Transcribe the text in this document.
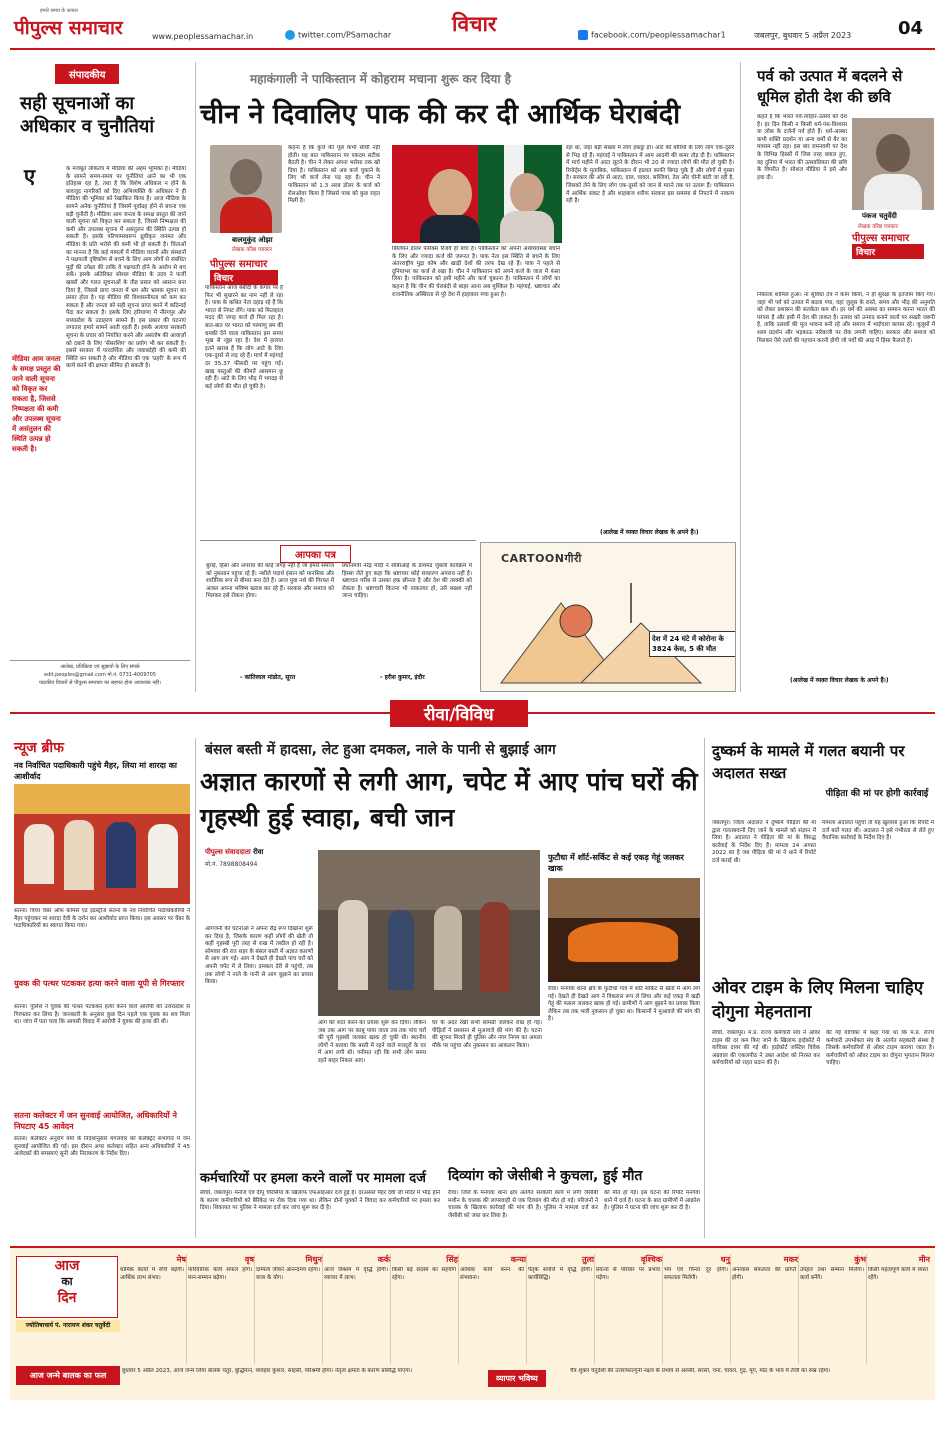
हमारे समय के सवाल
पीपुल्स समाचार	www.peoplessamachar.in	twitter.com/PSamachar	विचार	facebook.com/peoplessamachar1	जबलपुर, बुधवार 5 अप्रैल 2023	04
संपादकीय
सही सूचनाओं का अधिकार व चुनौतियां
ए	क मजबूत लोकतंत्र में मीडिया की अहम भूमिका है। मीडिया के सामने समय-समय पर चुनौतियां आने का भी एक इतिहास रहा है, तथा है कि विशेष अधिकार न होने के बावजूद नागरिकों को दिए अभिव्यक्ति के अधिकार ने ही मीडिया की भूमिका को रेखांकित किया है। आज मीडिया के सामने अनेक चुनौतियां हैं जिसमें पूर्वाग्रह होने से बचना एक बड़ी चुनौती है। मीडिया आम जनता के समक्ष प्रस्तुत की जाने वाली सूचना को विकृत कर सकता है, जिससे निष्पक्षता की कमी और उपलब्ध सूचना में असंतुलन की स्थिति उत्पन्न हो सकती है। इसके परिणामस्वरूप ध्रुवीकृत जनमत और मीडिया के प्रति भरोसे की कमी भी हो सकती है। चिंताओं का मानना है कि कई मामलों में मीडिया घरानों और संस्थानों ने पक्षपाती दृष्टिकोण से बचने के लिए आम लोगों से संबंधित मुद्दों की उपेक्षा की ताकि वे पक्षपाती होने के आरोप से बच सकें। इसके अतिरिक्त सोशल मीडिया के उदय ने फर्जी खबरों और गलत सूचनाओं के तीव्र प्रसार को आसान बना दिया है, जिससे प्रायः जनता में भ्रम और भ्रामक सूचना का प्रसार होता है। यह मीडिया की विश्वसनीयता को कम कर सकता है और जनता को सही सूचना प्राप्त करने में कठिनाई पैदा कर सकता है। इसके लिए हरियाणा में नौरंगपुर और मध्यप्रदेश के उदाहरण सामने हैं। इस प्रकार की घटनाएं लगातार हमारे सामने आती रहती हैं। इसके अलावा सरकारी सूचना के प्रचार को नियंत्रित करने और असंतोष की आवाज़ों को दबाने के लिए 'सेंसरशिप' का प्रयोग भी कर सकती है। इससे सरकार में पारदर्शिता और जवाबदेही की कमी की स्थिति बन सकती है और मीडिया की एक 'प्रहरी' के रूप में कार्य करने की क्षमता सीमित हो सकती है।
मीडिया आम जनता के समक्ष प्रस्तुत की जाने वाली सूचना को विकृत कर सकता है, जिससे निष्पक्षता की कमी और उपलब्ध सूचना में असंतुलन की स्थिति उत्पन्न हो सकती है।
आलेख, प्रतिक्रिया एवं सुझावों के लिए संपर्क
edit.peoples@gmail.com मो.नं. 0731-4009705
पाठकीय विचारों से पीपुल्स समाचार का सहमत होना आवश्यक नहीं।
महाकंगाली ने पाकिस्तान में कोहराम मचाना शुरू कर दिया है
चीन ने दिवालिए पाक की कर दी आर्थिक घेराबंदी
बालमुकुंद ओझा
लेखक वरिष्ठ पत्रकार
पीपुल्स समाचार
विचार
पाकिस्तान आज बर्बादी के कगार पर है फिर भी सुधारने का नाम नहीं ले रहा है। पाक के कथित नेता दहाड़ रहे हैं कि भारत से निपट लेंगे। पाक को फिलहाल मदद की जगह कर्ज ही मिल रहा है। बात-बात पर भारत को परमाणु बम की धमकी देने वाला पाकिस्तान इस समय भूख से जूझ रहा है। देश में हालात इतने खराब हैं कि लोग आटे के लिए एक-दूसरे से लड़ रहे हैं। मार्च में महंगाई दर 35.37 फीसदी पर पहुंच गई। खाद्य वस्तुओं की कीमतें आसमान छू रही हैं। आटे के लिए भीड़ में भगदड़ से कई लोगों की मौत हो चुकी है।
कहना है कि कुत्ते की पूंछ कभी सीधी नहीं होती। यह बात पाकिस्तान पर एकदम सटीक बैठती है। चीन ने लेकर अपना भरोसा तक खो दिया है। पाकिस्तान को अब कर्ज चुकाने के लिए भी कर्ज लेना पड़ रहा है। चीन ने पाकिस्तान को 1.3 अरब डॉलर के कर्ज को रोलओवर किया है जिससे पाक को कुछ राहत मिली है।
बिलियन डॉलर फॉरेक्स रिजर्व ही बचा है। पाकिस्तान को अपनी अर्थव्यवस्था बचाने के लिए और ज्यादा कर्ज की जरूरत है। पाक नेता इस स्थिति से बचने के लिए अंतरराष्ट्रीय मुद्रा कोष और खाड़ी देशों की तरफ देख रहे हैं। पाक ने पहले से दुनियाभर का कर्ज ले रखा है। चीन ने पाकिस्तान को अपने कर्ज के जाल में फंसा लिया है। पाकिस्तान को इसी महीने और कर्ज चुकाना है। पाकिस्तान में लोगों का कहना है कि चीन की घेराबंदी से बाहर आना अब मुश्किल है। महंगाई, भ्रष्टाचार और राजनीतिक अस्थिरता से पूरे देश में हाहाकार मचा हुआ है।
रहा था, जहां बड़ी संख्या में लोग इकट्ठा हो। आटे की बोरियों के लिए लोग एक-दूसरे से भिड़ रहे हैं। महंगाई ने पाकिस्तान में आम आदमी की कमर तोड़ दी है। पाकिस्तान में मार्च महीने में आटा लूटने के दौरान भी 20 से ज्यादा लोगों की मौत हो चुकी है। रिपोर्ट्स के मुताबिक, पाकिस्तान में हालात काफी बिगड़ चुके हैं और लोगों में गुस्सा है। सरकार की ओर से आटा, दाल, चावल, सब्जियां, तेल और चीनी बांटी जा रही है, जिसको लेने के लिए लोग एक-दूसरे को जान से मारने तक पर उतारू हैं। पाकिस्तान में आर्थिक संकट है और शाहबाज शरीफ सरकार इस समस्या से निपटने में नाकाम रही है।
(आलेख में व्यक्त विचार लेखक के अपने हैं।)
आपका पत्र
बुराई, हिंसा और अपराध की कोई जगह नहीं है जो हमारे समाज को नुकसान पहुंचा रहे हैं। नशीले पदार्थ इंसान को मानसिक और शारीरिक रूप से बीमार बना देते हैं। आज युवा नशे की गिरफ्त में आकर अपना भविष्य खराब कर रहे हैं। सरकार और समाज को मिलकर इसे रोकना होगा।
- कांतिलाल मांडोत, सूरत
प्रधानमंत्री नरेंद्र मोदी ने सीबीआई के डायमंड जुबली कार्यक्रम में हिस्सा लेते हुए कहा कि भ्रष्टाचार कोई साधारण अपराध नहीं है। भ्रष्टाचार गरीब से उसका हक छीनता है और देश की तरक्की को रोकता है। भ्रष्टाचारी कितना भी ताकतवर हो, उसे बख्शा नहीं जाना चाहिए।
- हरीश कुमार, इंदौर
CARTOONगीरी
देश में 24 घंटे में कोरोना के 3824 केस, 5 की मौत
पर्व को उत्पात में बदलने से धूमिल होती देश की छवि
कहते हैं कि भारत पर्व-त्योहार-उत्सव को देश है। हर दिन किसी न किसी धर्म-पंथ-विश्वास या लोक के दर्जनों पर्व होते हैं। धर्म-आस्था कभी शक्ति प्रदर्शन या अन्य धर्मों से बैर का माध्यम नहीं रहा। इस बार रामनवमी पर देश के विभिन्न हिस्सों में जिस तरह बवाल हुए, वह दुनिया में भारत की उत्सवप्रियता की छवि के विपरीत है। सोशल मीडिया ने इसे और हवा दी।
पंकज चतुर्वेदी
लेखक वरिष्ठ पत्रकार
पीपुल्स समाचार
विचार
निकाला शामिल हुआ। ना सुविधा तंत्र ने काम किया, न ही सुरक्षा के इंतजाम किए गए। जहां भी पर्व को उत्पात में बदला गया, वहां जुलूस के रास्ते, समय और भीड़ की अनुमति को लेकर प्रशासन की सतर्कता कम थी। हर धर्म की आस्था का सम्मान करना भारत की परंपरा है और इसी में देश की ताकत है। उत्सव को उन्माद बनाने वालों पर सख्ती जरूरी है, ताकि उत्सवों की मूल भावना बनी रहे और समाज में भाईचारा कायम रहे। जुलूसों में शस्त्र प्रदर्शन और भड़काऊ नारेबाजी पर रोक लगनी चाहिए। सरकार और समाज को मिलकर ऐसे तत्वों की पहचान करनी होगी जो पर्वों की आड़ में हिंसा फैलाते हैं।
(आलेख में व्यक्त विचार लेखक के अपने हैं।)
रीवा/विविध
न्यूज ब्रीफ
नव निर्वाचित पदाधिकारी पहुंचे मैहर, लिया मां शारदा का आशीर्वाद
सतना। विंध्य चेंबर ऑफ कॉमर्स एंड इंडस्ट्रीज सतना के नव निर्वाचित पदाधिकारियों ने मैहर पहुंचकर मां शारदा देवी के दर्शन कर आशीर्वाद प्राप्त किया। इस अवसर पर चेंबर के पदाधिकारियों का स्वागत किया गया।
युवक की पत्थर पटककर हत्या करने वाला यूपी से गिरफ्तार
सतना। पुलिस ने युवक की पत्थर पटककर हत्या करने वाले आरोपी को उत्तरप्रदेश से गिरफ्तार कर लिया है। जानकारी के अनुसार कुछ दिन पहले एक युवक का शव मिला था। जांच में पता चला कि आपसी विवाद में आरोपी ने युवक की हत्या की थी।
सतना कलेक्टर में जन सुनवाई आयोजित, अधिकारियों ने निपटाए 45 आवेदन
सतना। कलेक्टर अनुराग वर्मा के निर्देशानुसार मंगलवार को कलेक्ट्रेट सभागार में जन सुनवाई आयोजित की गई। इस दौरान अपर कलेक्टर सहित अन्य अधिकारियों ने 45 आवेदकों की समस्याएं सुनीं और निराकरण के निर्देश दिए।
बंसल बस्ती में हादसा, लेट हुआ दमकल, नाले के पानी से बुझाई आग
अज्ञात कारणों से लगी आग, चपेट में आए पांच घरों की गृहस्थी हुई स्वाहा, बची जान
पीपुल्स संवाददाता रीवा
मो.नं. 7898808494
आगजनी की घटनाओं ने अपना रौद्र रूप दिखाना शुरू कर दिया है, जिसके कारण कहीं लोगों की खेती तो कहीं गृहस्थी पूरी तरह से राख में तब्दील हो रही है। सोमवार की रात शहर के बंसल बस्ती में अज्ञात कारणों से आग लग गई। आग ने देखते ही देखते पांच घरों को अपनी चपेट में ले लिया। दमकल देरी से पहुंची, तब तक लोगों ने नाले के पानी से आग बुझाने का प्रयास किया।
आग को शांत करने का प्रयास शुरू कर दिया। लेकिन जब तक आग पर काबू पाया जाता तब तक पांच घरों की पूरी गृहस्थी जलकर खाक हो चुकी थी। स्थानीय लोगों ने बताया कि बस्ती में रहने वाले मजदूरों के घर में आग लगी थी। गनीमत रही कि सभी लोग समय रहते बाहर निकल आए।
घर के अंदर रखी सभी सामग्री जलकर राख हो गई। पीड़ितों ने प्रशासन से मुआवजे की मांग की है। घटना की सूचना मिलते ही पुलिस और नगर निगम का अमला मौके पर पहुंचा और नुकसान का आकलन किया।
फुटौधा में शॉर्ट-सर्किट से कई एकड़ गेहूं जलकर खाक
रीवा। मनगवां थाना क्षेत्र के फुटौधा गांव में शॉर्ट सर्किट से खेतों में आग लग गई। देखते ही देखते आग ने विकराल रूप ले लिया और कई एकड़ में खड़ी गेहूं की फसल जलकर खाक हो गई। ग्रामीणों ने आग बुझाने का प्रयास किया लेकिन तब तक भारी नुकसान हो चुका था। किसानों ने मुआवजे की मांग की है।
कर्मचारियों पर हमला करने वालों पर मामला दर्ज
सीधी, जबलपुर। मनोज एवं दीपू चौरसिया के खिलाफ एफआईआर दर्ज हुई है। दरअसल मैहर देवी जी मंदिर में भीड़ होने के कारण कर्मचारियों को बैरिकेड पर रोक दिया गया था। लेकिन दोनों युवकों ने विवाद कर कर्मचारियों पर हमला कर दिया। शिकायत पर पुलिस ने मामला दर्ज कर जांच शुरू कर दी है।
दिव्यांग को जेसीबी ने कुचला, हुई मौत
रीवा। जिले के मनगवां थाना क्षेत्र अंतर्गत सरकारी कार्य में लगी जेसीबी मशीन के चालक की लापरवाही से एक दिव्यांग की मौत हो गई। परिजनों ने चालक के खिलाफ कार्रवाई की मांग की है। पुलिस ने मामला दर्ज कर जेसीबी को जब्त कर लिया है।
की मौत हो गई। इस घटना की रिपोर्ट मनगवां थाने में दर्ज है। घटना के बाद ग्रामीणों में आक्रोश है। पुलिस ने घटना की जांच शुरू कर दी है।
दुष्कर्म के मामले में गलत बयानी पर अदालत सख्त
पीड़िता की मां पर होगी कार्रवाई
जबलपुर। जिला अदालत ने दुष्कर्म पीड़िता की मां द्वारा गलतबयानी दिए जाने के मामले को संज्ञान में लिया है। अदालत ने पीड़िता की मां के विरुद्ध कार्रवाई के निर्देश दिए हैं। मामला 24 अगस्त 2022 का है जब पीड़िता की मां ने थाने में रिपोर्ट दर्ज कराई थी।
मामला अदालत पहुंचा तो यह खुलासा हुआ कि रिपोर्ट में दर्ज बातें गलत थीं। अदालत ने इसे गंभीरता से लेते हुए वैधानिक कार्रवाई के निर्देश दिए हैं।
ओवर टाइम के लिए मिलना चाहिए दोगुना मेहनताना
सीधी, जबलपुर। म.प्र. राज्य कर्मचारी संघ ने ओवर टाइम की दर कम किए जाने के खिलाफ हाईकोर्ट में याचिका दायर की गई थी। हाईकोर्ट जस्टिस विवेक अग्रवाल की एकलपीठ ने उक्त आदेश को निरस्त कर कर्मचारियों को राहत प्रदान की है।
की गई याचिका में कहा गया था कि म.प्र. राज्य कर्मचारी उपभोक्ता संघ के अंतर्गत सहकारी संस्था है जिसके कर्मचारियों से ओवर टाइम कराया जाता है। कर्मचारियों को ओवर टाइम का दोगुना भुगतान मिलना चाहिए।
आज
का
दिन
ज्योतिषाचार्य पं. नारायण शंकर चतुर्वेदी
मेष
धार्मिक कार्यों में रुचि बढ़ेगी। आर्थिक लाभ संभव।
वृष
पारिवारिक कार्य सफल होंगे। मान-सम्मान बढ़ेगा।
मिथुन
दाम्पत्य जीवन आनन्दमय रहेगा। यात्रा के योग।
कर्क
आज विश्राम में वृद्धि होगी। व्यापार में लाभ।
सिंह
किसी बड़े सदस्य का सहयोग रहेगा।
कन्या
आर्थिक कार्य बनने की संभावना।
तुला
पैतृक संपत्ति में वृद्धि होगी। कार्यसिद्धि।
वृश्चिक
प्रयत्नों से परिवार पर प्रभाव पड़ेगा।
धनु
भय एवं चिन्ता दूर होगी। सफलता मिलेगी।
मकर
अनायास सफलता की प्राप्ति होगी।
कुंभ
उपहार तथा सम्मान मिलेगा। कार्य बनेंगे।
मीन
किसी महत्वपूर्ण कार्य में व्यस्त रहेंगे।
आज जन्मे बालक का फल	बुधवार 5 अप्रैल 2023, आज जन्म लिया बालक चतुर, बुद्धिमान, व्यवहार कुशल, साहसी, परिश्रमी होगा। नेतृत्व क्षमता के कारण प्रसिद्धि पाएगा।
व्यापार भविष्य
चैत्र शुक्ल चतुर्दशी की उत्तराफाल्गुनी नक्षत्र के प्रभाव से अलसी, सरसों, चना, चावल, गुड़, मूंग, मोठ के भाव में तेजी का रुख रहेगा।
